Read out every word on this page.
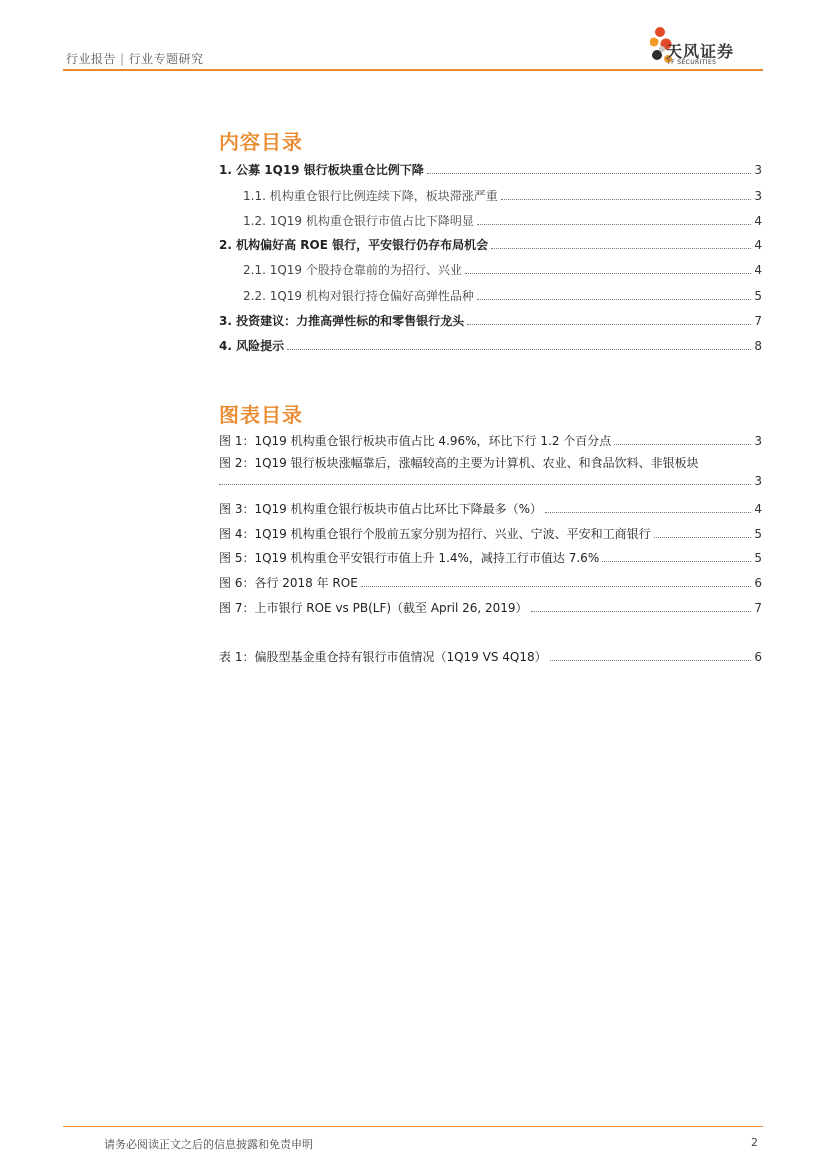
行业报告 | 行业专题研究	天风证券
TF SECURITIES
内容目录
1. 公募 1Q19 银行板块重仓比例下降	3
1.1. 机构重仓银行比例连续下降，板块滞涨严重	3
1.2. 1Q19 机构重仓银行市值占比下降明显	4
2. 机构偏好高 ROE 银行，平安银行仍存布局机会	4
2.1. 1Q19 个股持仓靠前的为招行、兴业	4
2.2. 1Q19 机构对银行持仓偏好高弹性品种	5
3. 投资建议：力推高弹性标的和零售银行龙头	7
4. 风险提示	8
图表目录
图 1：1Q19 机构重仓银行板块市值占比 4.96%，环比下行 1.2 个百分点	3
图 2：1Q19 银行板块涨幅靠后，涨幅较高的主要为计算机、农业、和食品饮料、非银板块
3
图 3：1Q19 机构重仓银行板块市值占比环比下降最多（%）	4
图 4：1Q19 机构重仓银行个股前五家分别为招行、兴业、宁波、平安和工商银行	5
图 5：1Q19 机构重仓平安银行市值上升 1.4%，减持工行市值达 7.6%	5
图 6：各行 2018 年 ROE	6
图 7：上市银行 ROE vs PB(LF)（截至 April 26, 2019）	7
表 1：偏股型基金重仓持有银行市值情况（1Q19 VS 4Q18）	6
请务必阅读正文之后的信息披露和免责申明	2
